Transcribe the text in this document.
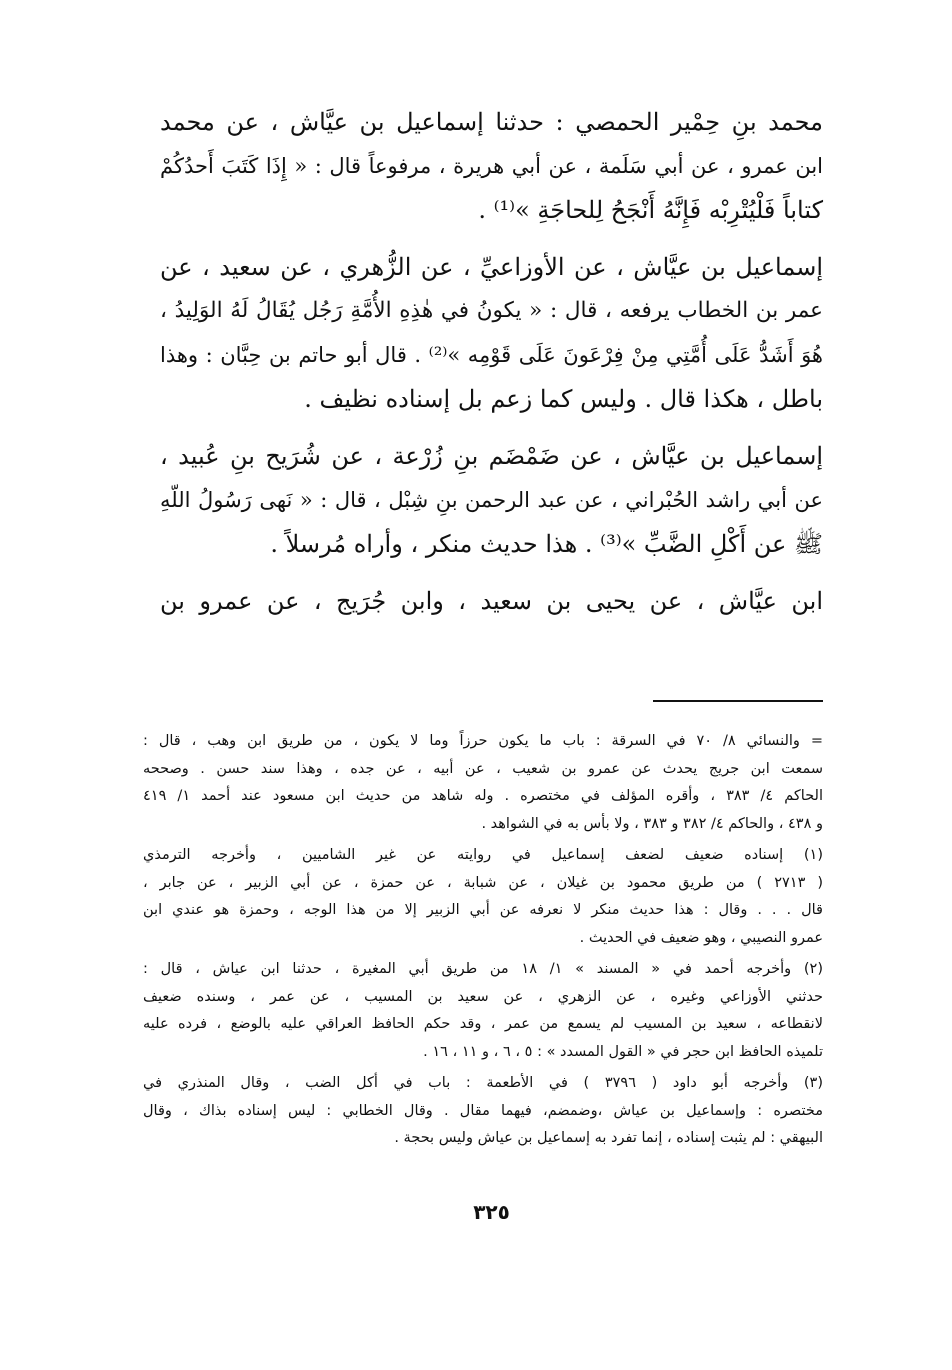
محمد بنِ حِمْير الحمصي : حدثنا إسماعيل بن عيَّاش ، عن محمد
ابن عمرو ، عن أبي سَلَمة ، عن أبي هريرة ، مرفوعاً قال : « إِذَا كَتَبَ أَحدُكُمْ
كتاباً فَلْيُتْرِبْه فَإِنَّهُ أَنْجَحُ لِلحاجَةِ »⁽¹⁾ .
إسماعيل بن عيَّاش ، عن الأوزاعيِّ ، عن الزُّهري ، عن سعيد ، عن
عمر بن الخطاب يرفعه ، قال : « يكونُ في هٰذِهِ الأُمَّةِ رَجُل يُقَالُ لَهُ الوَلِيدُ ،
هُوَ أَشَدُّ عَلَى أُمَّتِي مِنْ فِرْعَونَ عَلَى قَوْمِه »⁽²⁾ . قال أبو حاتم بن حِبَّان : وهذا
باطل ، هكذا قال . وليس كما زعم بل إسناده نظيف .
إسماعيل بن عيَّاش ، عن ضَمْضَم بنِ زُرْعة ، عن شُرَيح بنِ عُبيد ،
عن أبي راشد الحُبْراني ، عن عبد الرحمن بنِ شِبْل ، قال : « نَهى رَسُولُ اللّهِ
ﷺ عن أَكْلِ الضَّبِّ »⁽³⁾ . هذا حديث منكر ، وأراه مُرسلاً .
ابن عيَّاش ، عن يحيى بن سعيد ، وابن جُرَيج ، عن عمرو بن
= والنسائي ٨/ ٧٠ في السرقة : باب ما يكون حرزاً وما لا يكون ، من طريق ابن وهب ، قال :
سمعت ابن جريج يحدث عن عمرو بن شعيب ، عن أبيه ، عن جده ، وهذا سند حسن . وصححه
الحاكم ٤/ ٣٨٣ ، وأقره المؤلف في مختصره . وله شاهد من حديث ابن مسعود عند أحمد ١/ ٤١٩
و ٤٣٨ ، والحاكم ٤/ ٣٨٢ و ٣٨٣ ، ولا بأس به في الشواهد .
(١) إسناده ضعيف لضعف إسماعيل في روايته عن غير الشاميين ، وأخرجه الترمذي
( ٢٧١٣ ) من طريق محمود بن غيلان ، عن شبابة ، عن حمزة ، عن أبي الزبير ، عن جابر ،
قال . . . وقال : هذا حديث منكر لا نعرفه عن أبي الزبير إلا من هذا الوجه ، وحمزة هو عندي ابن
عمرو النصيبي ، وهو ضعيف في الحديث .
(٢) وأخرجه أحمد في « المسند » ١/ ١٨ من طريق أبي المغيرة ، حدثنا ابن عياش ، قال :
حدثني الأوزاعي وغيره ، عن الزهري ، عن سعيد بن المسيب ، عن عمر ، وسنده ضعيف
لانقطاعه ، سعيد بن المسيب لم يسمع من عمر ، وقد حكم الحافظ العراقي عليه بالوضع ، فرده عليه
تلميذه الحافظ ابن حجر في « القول المسدد » : ٥ ، ٦ ، و ١١ ، ١٦ .
(٣) وأخرجه أبو داود ( ٣٧٩٦ ) في الأطعمة : باب في أكل الضب ، وقال المنذري في
مختصره : وإسماعيل بن عياش ،وضمضم، فيهما مقال . وقال الخطابي : ليس إسناده بذاك ، وقال
البيهقي : لم يثبت إسناده ، إنما تفرد به إسماعيل بن عياش وليس بحجة .
٣٢٥
